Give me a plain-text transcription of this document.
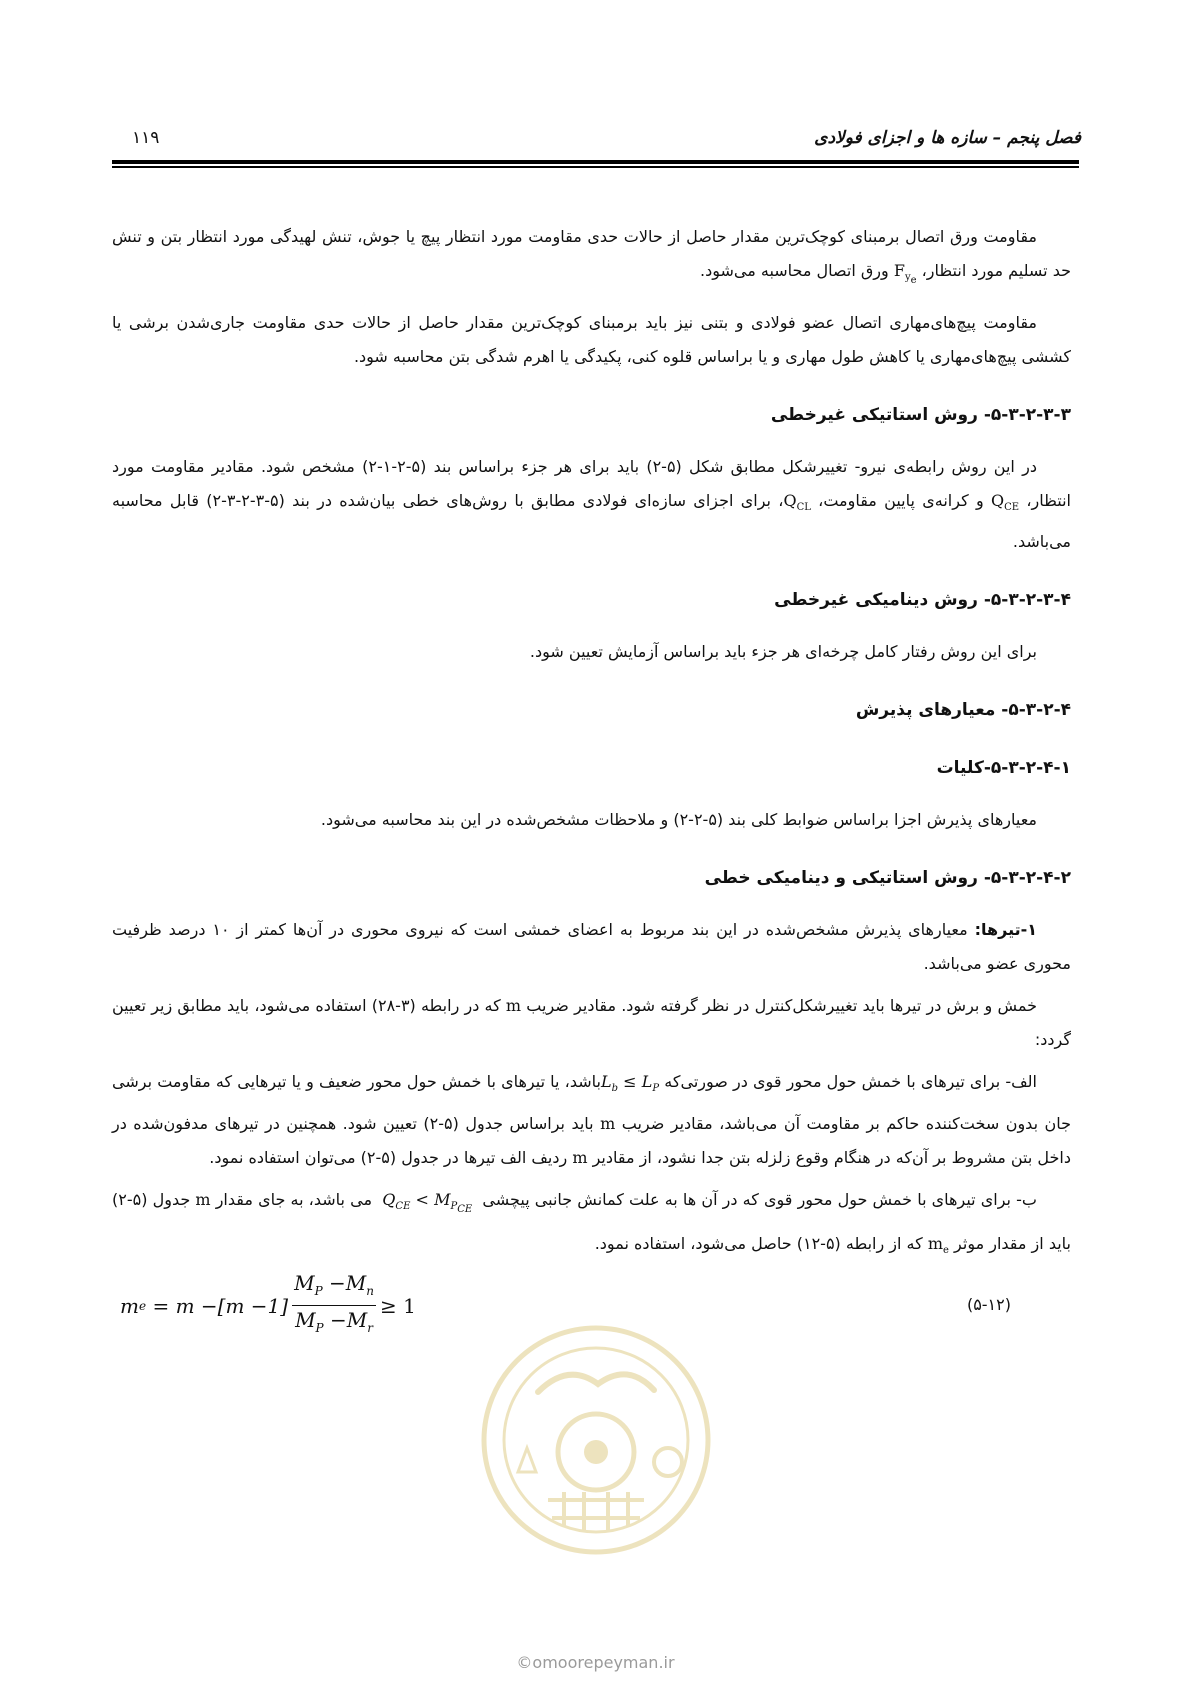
فصل پنجم – سازه ها و اجزای فولادی
۱۱۹

مقاومت ورق اتصال برمبنای کوچک‌ترین مقدار حاصل از حالات حدی مقاومت مورد انتظار پیچ یا جوش، تنش لهیدگی مورد انتظار بتن و تنش حد تسلیم مورد انتظار، $F_{y_e}$ ورق اتصال محاسبه می‌شود.

مقاومت پیچ‌های‌مهاری اتصال عضو فولادی و بتنی نیز باید برمبنای کوچک‌ترین مقدار حاصل از حالات حدی مقاومت جاری‌شدن برشی یا کششی پیچ‌های‌مهاری یا کاهش طول مهاری و یا براساس قلوه کنی، پکیدگی یا اهرم شدگی بتن محاسبه شود.

۵-۳-۲-۳-۳- روش استاتیکی غیرخطی

در این روش رابطه‌ی نیرو- تغییرشکل مطابق شکل (۵-۲) باید برای هر جزء براساس بند (۵-۲-۱-۲) مشخص شود. مقادیر مقاومت مورد انتظار، $Q_{CE}$ و کرانه‌ی پایین مقاومت، $Q_{CL}،$ برای اجزای سازه‌ای فولادی مطابق با روش‌های خطی بیان‌شده در بند (۵-۳-۲-۳-۲) قابل محاسبه می‌باشد.

۵-۳-۲-۳-۴- روش دینامیکی غیرخطی

برای این روش رفتار کامل چرخه‌ای هر جزء باید براساس آزمایش تعیین شود.

۵-۳-۲-۴- معیارهای پذیرش
۵-۳-۲-۴-۱-کلیات

معیارهای پذیرش اجزا براساس ضوابط کلی بند (۵-۲-۲) و ملاحظات مشخص‌شده در این بند محاسبه می‌شود.

۵-۳-۲-۴-۲- روش استاتیکی و دینامیکی خطی

۱-تیرها: معیارهای پذیرش مشخص‌شده در این بند مربوط به اعضای خمشی است که نیروی محوری در آن‌ها کمتر از ۱۰ درصد ظرفیت محوری عضو می‌باشد.

خمش و برش در تیرها باید تغییرشکل‌کنترل در نظر گرفته شود. مقادیر ضریب m که در رابطه (۳-۲۸) استفاده می‌شود، باید مطابق زیر تعیین گردد:

الف- برای تیرهای با خمش حول محور قوی در صورتی‌که $L_b$ ≤ $L_Pباشد،$ یا تیرهای با خمش حول محور ضعیف و یا تیرهایی که مقاومت برشی جان بدون سخت‌کننده حاکم بر مقاومت آن می‌باشد، مقادیر ضریب m باید براساس جدول (۵-۲) تعیین شود. همچنین در تیرهای مدفون‌شده در داخل بتن مشروط بر آن‌که در هنگام وقوع زلزله بتن جدا نشود، از مقادیر m ردیف الف تیرها در جدول (۵-۲) می‌توان استفاده نمود.

ب- برای تیرهای با خمش حول محور قوی که در آن ها به علت کمانش جانبی پیچشی  $Q_{CE} < M_{P_{CE}}$  می باشد، به جای مقدار m جدول (۵-۲) باید از مقدار موثر $m_e$ که از رابطه (۵-۱۲) حاصل می‌شود، استفاده نمود.

m e
=
m
− $[m -1] \frac{M_P -M_n}{M_P -M_r} \ge 1$	(۵-۱۲)
©omoorepeyman.ir
